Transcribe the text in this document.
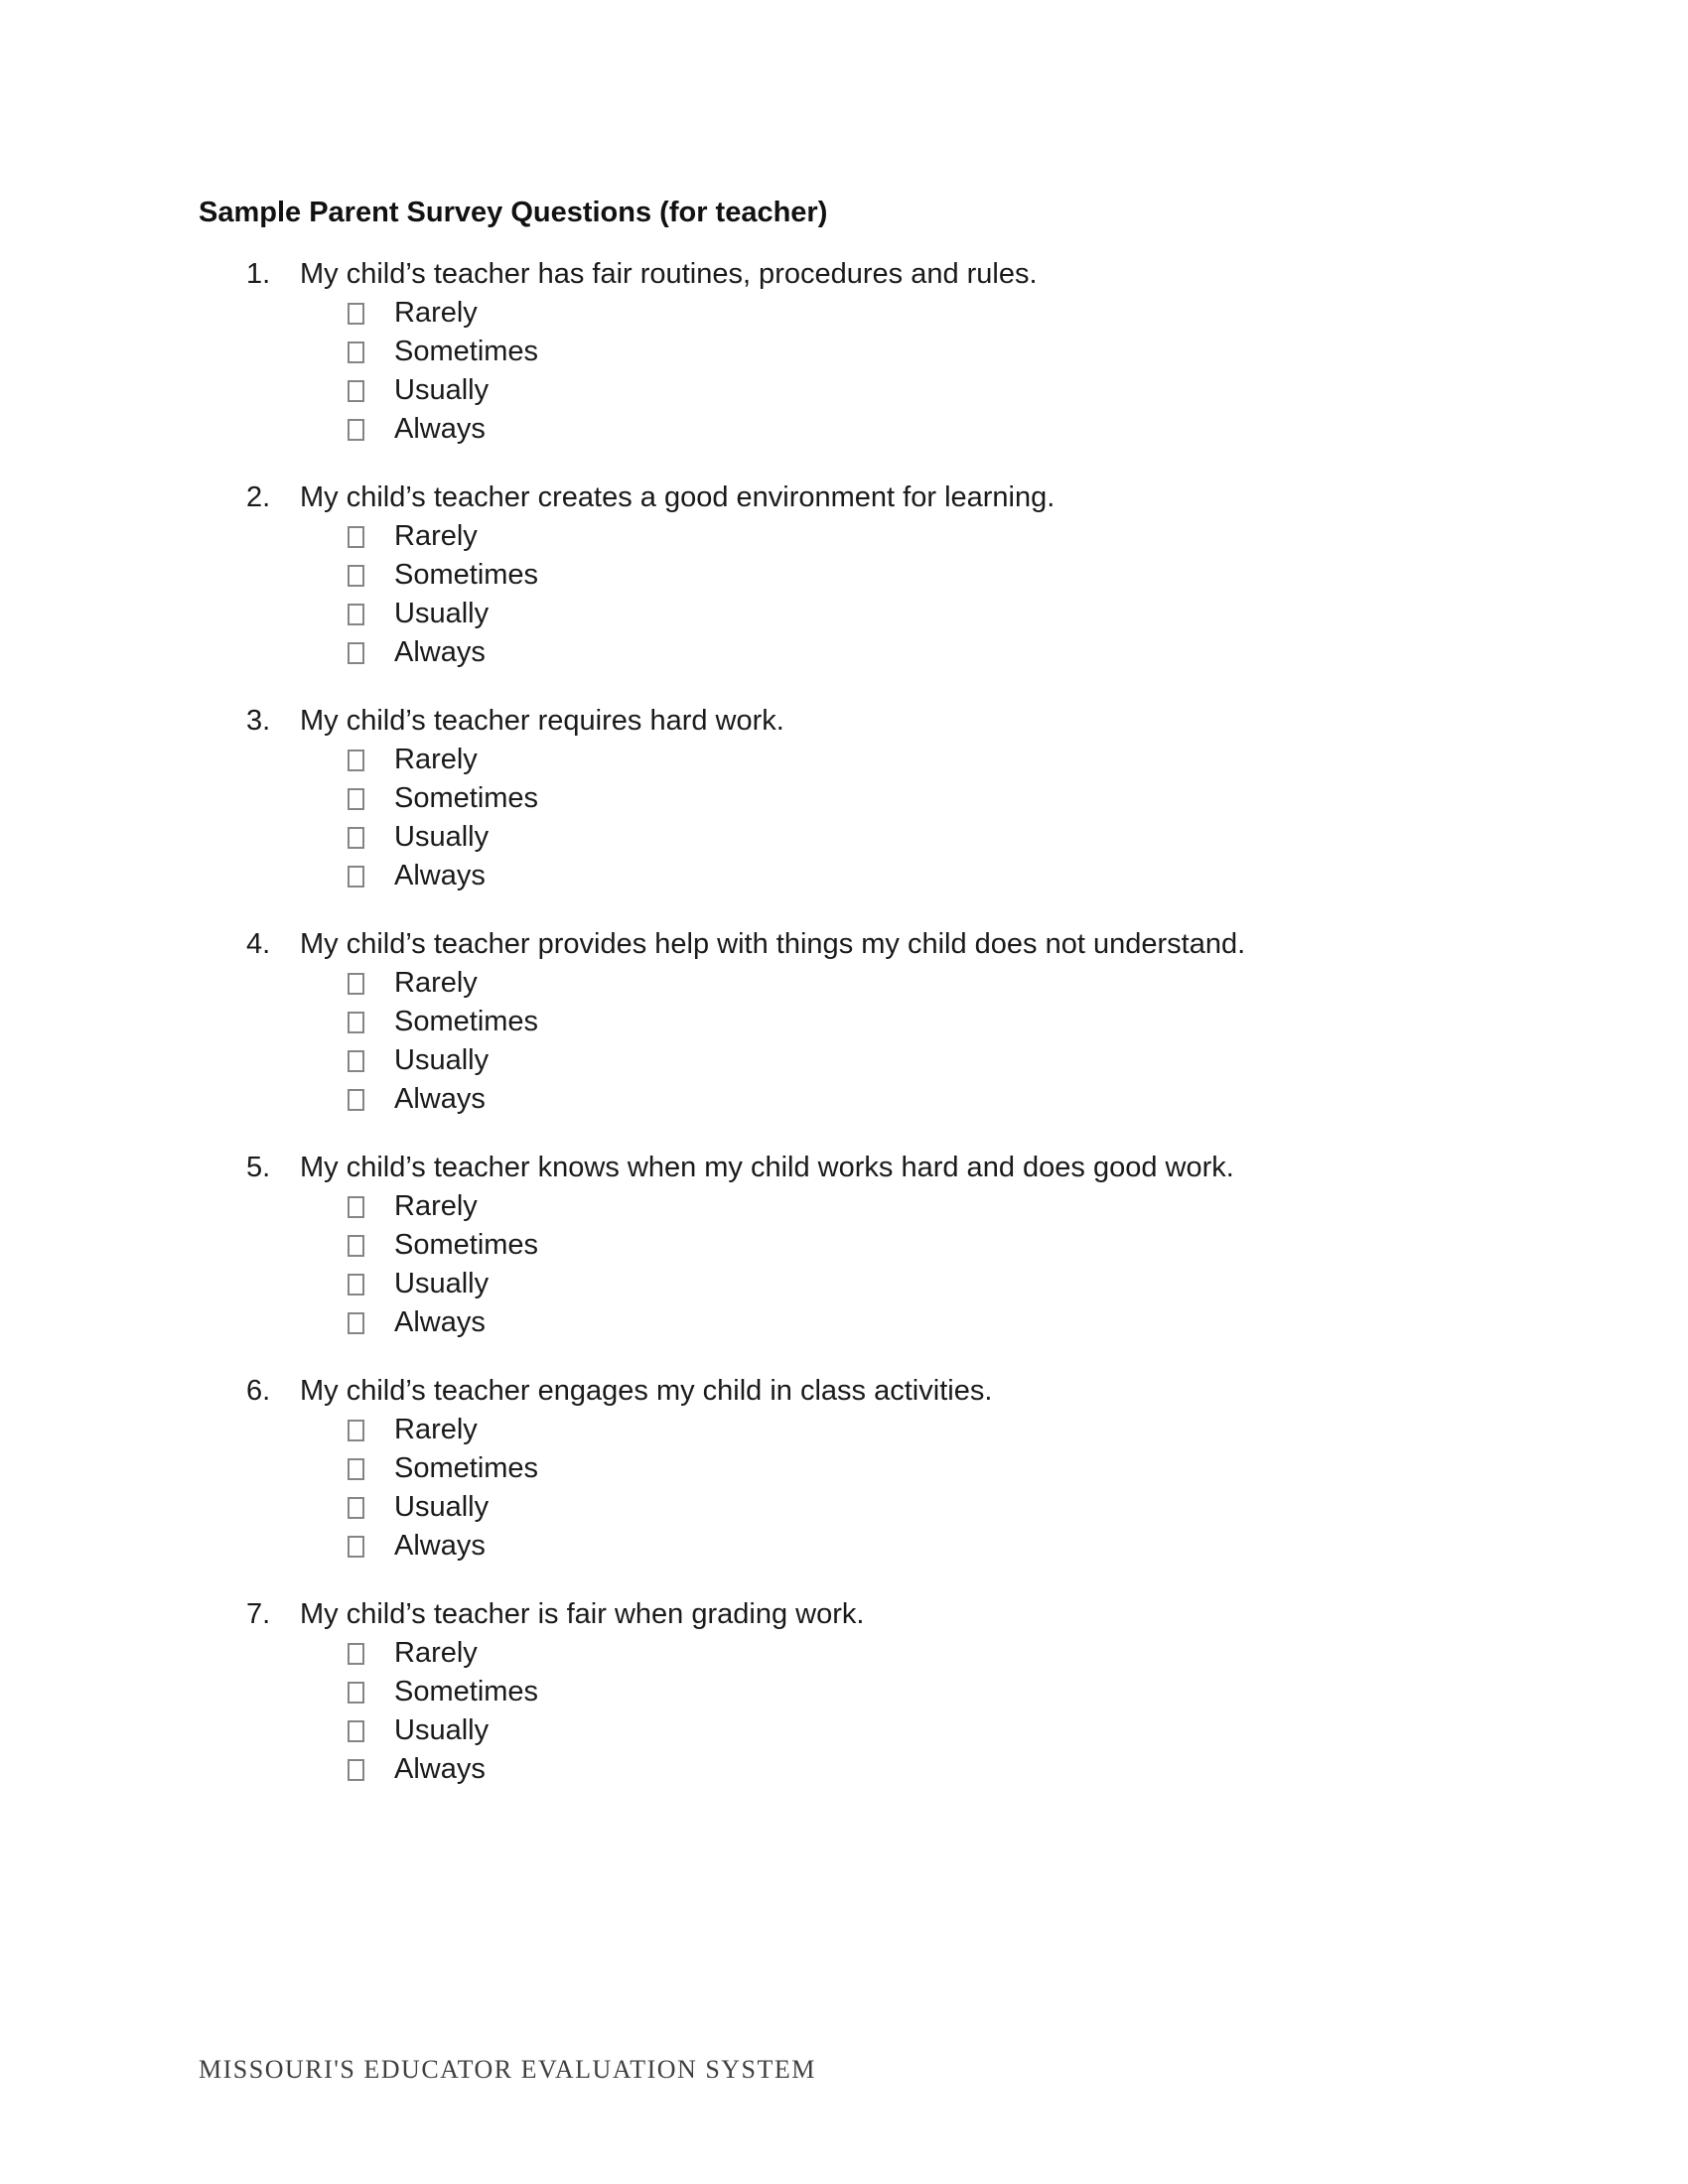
Sample Parent Survey Questions (for teacher)
1. My child’s teacher has fair routines, procedures and rules.
Rarely
Sometimes
Usually
Always
2. My child’s teacher creates a good environment for learning.
Rarely
Sometimes
Usually
Always
3. My child’s teacher requires hard work.
Rarely
Sometimes
Usually
Always
4. My child’s teacher provides help with things my child does not understand.
Rarely
Sometimes
Usually
Always
5. My child’s teacher knows when my child works hard and does good work.
Rarely
Sometimes
Usually
Always
6. My child’s teacher engages my child in class activities.
Rarely
Sometimes
Usually
Always
7. My child’s teacher is fair when grading work.
Rarely
Sometimes
Usually
Always
MISSOURI'S EDUCATOR EVALUATION SYSTEM
